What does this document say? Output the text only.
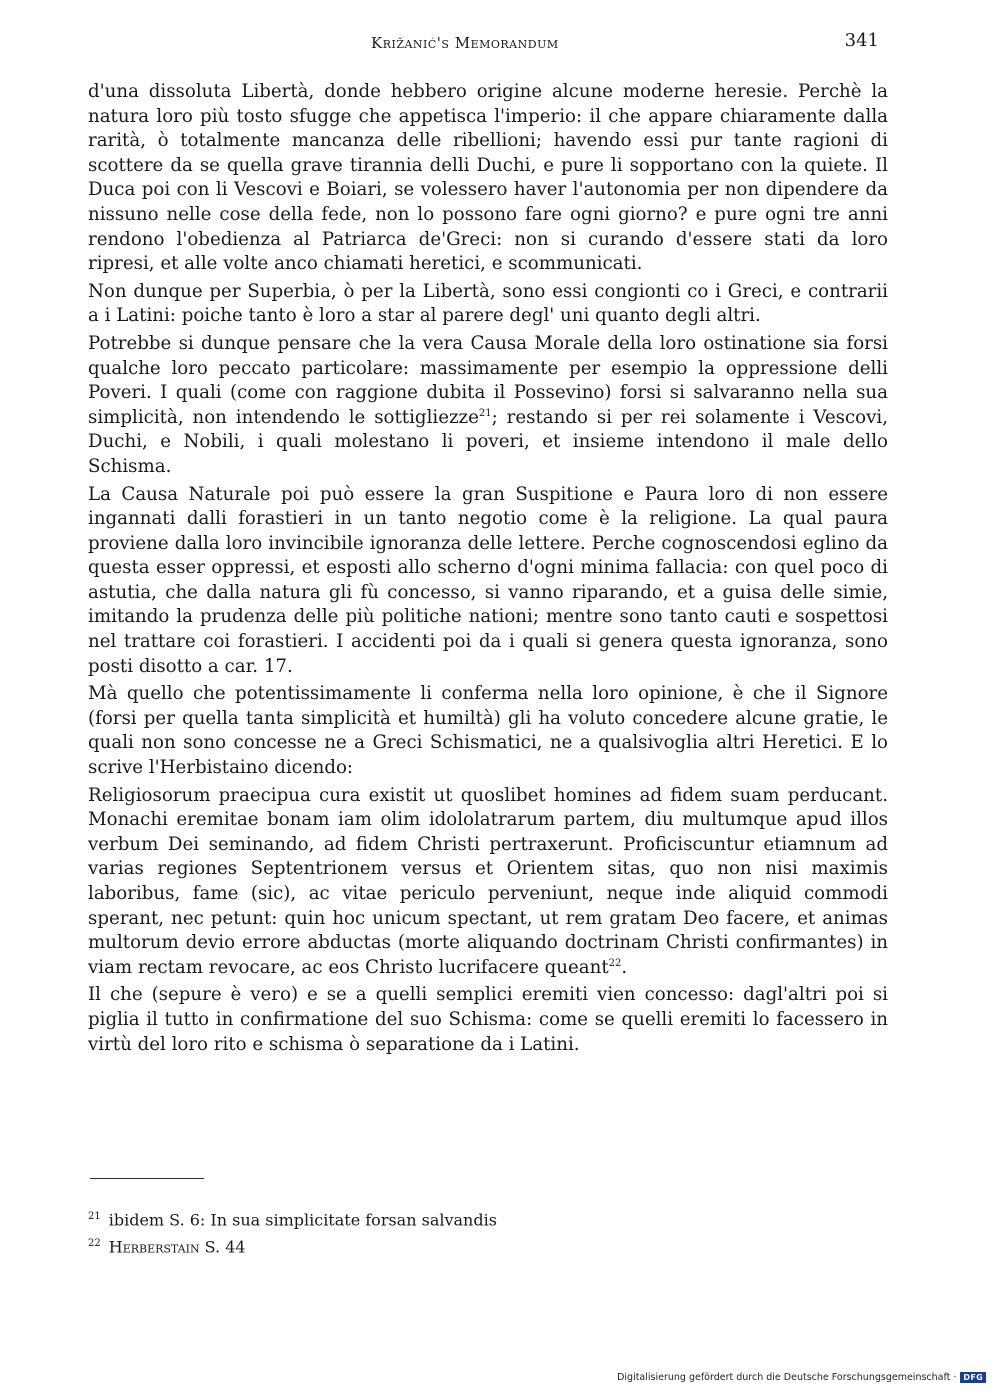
Križanić's Memorandum	341

d'una dissoluta Libertà, donde hebbero origine alcune moderne heresie. Perchè la natura loro più tosto sfugge che appetisca l'imperio: il che appare chiaramente dalla rarità, ò totalmente mancanza delle ribellioni; havendo essi pur tante ragioni di scottere da se quella grave tirannia delli Duchi, e pure li sopportano con la quiete. Il Duca poi con li Vescovi e Boiari, se volessero haver l'autonomia per non dipendere da nissuno nelle cose della fede, non lo possono fare ogni giorno? e pure ogni tre anni rendono l'obedienza al Patriarca de'Greci: non si curando d'essere stati da loro ripresi, et alle volte anco chiamati heretici, e scommunicati.

Non dunque per Superbia, ò per la Libertà, sono essi congionti co i Greci, e contrarii a i Latini: poiche tanto è loro a star al parere degl' uni quanto degli altri.

Potrebbe si dunque pensare che la vera Causa Morale della loro ostinatione sia forsi qualche loro peccato particolare: massimamente per esempio la oppressione delli Poveri. I quali (come con raggione dubita il Possevino) forsi si salvaranno nella sua simplicità, non intendendo le sottigliezze$^{21}$; restando si per rei solamente i Vescovi, Duchi, e Nobili, i quali molestano li poveri, et insieme intendono il male dello Schisma.

La Causa Naturale poi può essere la gran Suspitione e Paura loro di non essere ingannati dalli forastieri in un tanto negotio come è la religione. La qual paura proviene dalla loro invincibile ignoranza delle lettere. Perche cognoscendosi eglino da questa esser oppressi, et esposti allo scherno d'ogni minima fallacia: con quel poco di astutia, che dalla natura gli fù concesso, si vanno riparando, et a guisa delle simie, imitando la prudenza delle più politiche nationi; mentre sono tanto cauti e sospettosi nel trattare coi forastieri. I accidenti poi da i quali si genera questa ignoranza, sono posti disotto a car. 17.

Mà quello che potentissimamente li conferma nella loro opinione, è che il Signore (forsi per quella tanta simplicità et humiltà) gli ha voluto concedere alcune gratie, le quali non sono concesse ne a Greci Schismatici, ne a qualsivoglia altri Heretici. E lo scrive l'Herbistaino dicendo:

Religiosorum praecipua cura existit ut quoslibet homines ad fidem suam perducant. Monachi eremitae bonam iam olim idololatrarum partem, diu multumque apud illos verbum Dei seminando, ad fidem Christi pertraxerunt. Proficiscuntur etiamnum ad varias regiones Septentrionem versus et Orientem sitas, quo non nisi maximis laboribus, fame (sic), ac vitae periculo perveniunt, neque inde aliquid commodi sperant, nec petunt: quin hoc unicum spectant, ut rem gratam Deo facere, et animas multorum devio errore abductas (morte aliquando doctrinam Christi confirmantes) in viam rectam revocare, ac eos Christo lucrifacere queant$^{22}$.

Il che (sepure è vero) e se a quelli semplici eremiti vien concesso: dagl'altri poi si piglia il tutto in confirmatione del suo Schisma: come se quelli eremiti lo facessero in virtù del loro rito e schisma ò separatione da i Latini.

$^{21}$ ibidem S. 6: In sua simplicitate forsan salvandis

$^{22}$ Herberstain S. 44

Digitalisierung gefördert durch die Deutsche Forschungsgemeinschaft · DFG
